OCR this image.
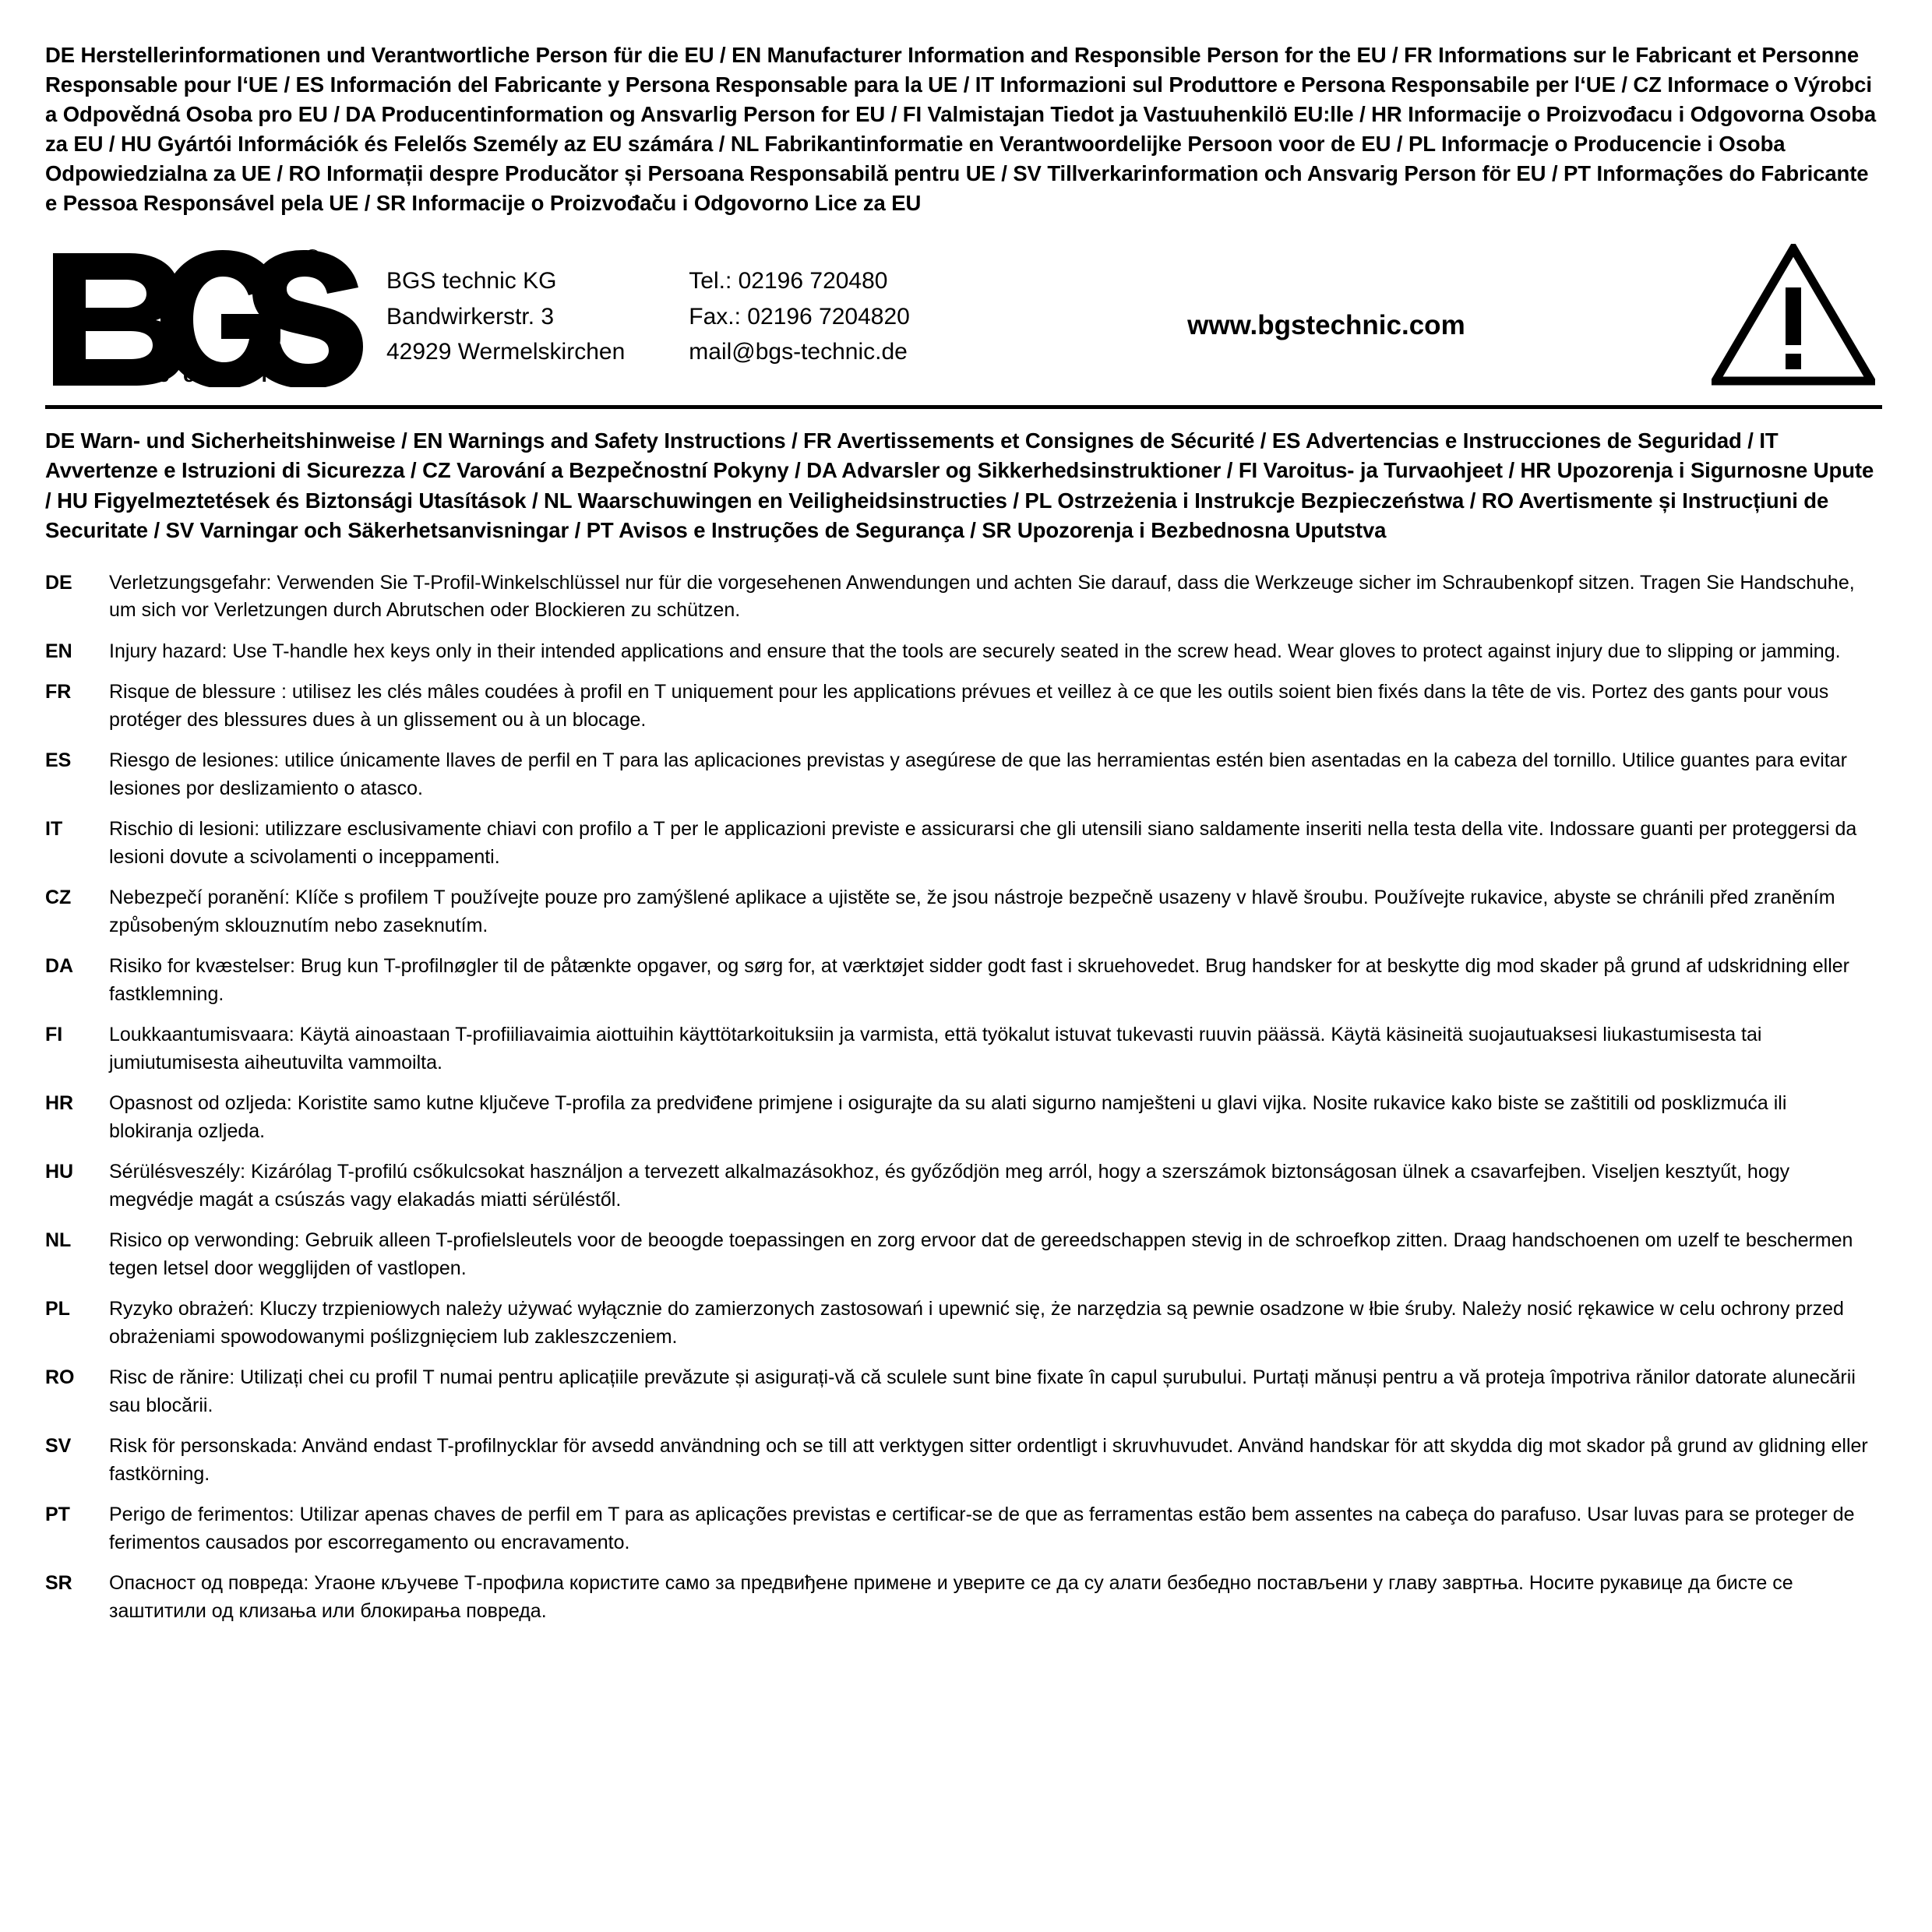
DE Herstellerinformationen und Verantwortliche Person für die EU / EN Manufacturer Information and Responsible Person for the EU / FR Informations sur le Fabricant et Personne Responsable pour l‘UE / ES Información del Fabricante y Persona Responsable para la UE / IT Informazioni sul Produttore e Persona Responsabile per l‘UE / CZ Informace o Výrobci a Odpovědná Osoba pro EU / DA Producentinformation og Ansvarlig Person for EU / FI Valmistajan Tiedot ja Vastuuhenkilö EU:lle / HR Informacije o Proizvođacu i Odgovorna Osoba za EU / HU Gyártói Információk és Felelős Személy az EU számára / NL Fabrikantinformatie en Verantwoordelijke Persoon voor de EU / PL Informacje o Producencie i Osoba Odpowiedzialna za UE / RO Informații despre Producător și Persoana Responsabilă pentru UE / SV Tillverkarinformation och Ansvarig Person för EU / PT Informações do Fabricante e Pessoa Responsável pela UE / SR Informacije o Proizvođaču i Odgovorno Lice za EU
®
t e c h n i c
BGS technic KG
Bandwirkerstr. 3
42929 Wermelskirchen
Tel.: 02196 720480
Fax.: 02196 7204820
mail@bgs-technic.de
www.bgstechnic.com
DE Warn- und Sicherheitshinweise / EN Warnings and Safety Instructions / FR Avertissements et Consignes de Sécurité / ES Advertencias e Instrucciones de Seguridad / IT Avvertenze e Istruzioni di Sicurezza / CZ Varování a Bezpečnostní Pokyny / DA Advarsler og Sikkerhedsinstruktioner / FI Varoitus- ja Turvaohjeet / HR Upozorenja i Sigurnosne Upute / HU Figyelmeztetések és Biztonsági Utasítások / NL Waarschuwingen en Veiligheidsinstructies / PL Ostrzeżenia i Instrukcje Bezpieczeństwa / RO Avertismente și Instrucțiuni de Securitate / SV Varningar och Säkerhetsanvisningar / PT Avisos e Instruções de Segurança / SR Upozorenja i Bezbednosna Uputstva
DE	Verletzungsgefahr: Verwenden Sie T-Profil-Winkelschlüssel nur für die vorgesehenen Anwendungen und achten Sie darauf, dass die Werkzeuge sicher im Schraubenkopf sitzen. Tragen Sie Handschuhe, um sich vor Verletzungen durch Abrutschen oder Blockieren zu schützen.
EN	Injury hazard: Use T-handle hex keys only in their intended applications and ensure that the tools are securely seated in the screw head. Wear gloves to protect against injury due to slipping or jamming.
FR	Risque de blessure : utilisez les clés mâles coudées à profil en T uniquement pour les applications prévues et veillez à ce que les outils soient bien fixés dans la tête de vis. Portez des gants pour vous protéger des blessures dues à un glissement ou à un blocage.
ES	Riesgo de lesiones: utilice únicamente llaves de perfil en T para las aplicaciones previstas y asegúrese de que las herramientas estén bien asentadas en la cabeza del tornillo. Utilice guantes para evitar lesiones por deslizamiento o atasco.
IT	Rischio di lesioni: utilizzare esclusivamente chiavi con profilo a T per le applicazioni previste e assicurarsi che gli utensili siano saldamente inseriti nella testa della vite. Indossare guanti per proteggersi da lesioni dovute a scivolamenti o inceppamenti.
CZ	Nebezpečí poranění: Klíče s profilem T používejte pouze pro zamýšlené aplikace a ujistěte se, že jsou nástroje bezpečně usazeny v hlavě šroubu. Používejte rukavice, abyste se chránili před zraněním způsobeným sklouznutím nebo zaseknutím.
DA	Risiko for kvæstelser: Brug kun T-profilnøgler til de påtænkte opgaver, og sørg for, at værktøjet sidder godt fast i skruehovedet. Brug handsker for at beskytte dig mod skader på grund af udskridning eller fastklemning.
FI	Loukkaantumisvaara: Käytä ainoastaan T-profiiliavaimia aiottuihin käyttötarkoituksiin ja varmista, että työkalut istuvat tukevasti ruuvin päässä. Käytä käsineitä suojautuaksesi liukastumisesta tai jumiutumisesta aiheutuvilta vammoilta.
HR	Opasnost od ozljeda: Koristite samo kutne ključeve T-profila za predviđene primjene i osigurajte da su alati sigurno namješteni u glavi vijka. Nosite rukavice kako biste se zaštitili od posklizmuća ili blokiranja ozljeda.
HU	Sérülésveszély: Kizárólag T-profilú csőkulcsokat használjon a tervezett alkalmazásokhoz, és győződjön meg arról, hogy a szerszámok biztonságosan ülnek a csavarfejben. Viseljen kesztyűt, hogy megvédje magát a csúszás vagy elakadás miatti sérüléstől.
NL	Risico op verwonding: Gebruik alleen T-profielsleutels voor de beoogde toepassingen en zorg ervoor dat de gereedschappen stevig in de schroefkop zitten. Draag handschoenen om uzelf te beschermen tegen letsel door wegglijden of vastlopen.
PL	Ryzyko obrażeń: Kluczy trzpieniowych należy używać wyłącznie do zamierzonych zastosowań i upewnić się, że narzędzia są pewnie osadzone w łbie śruby. Należy nosić rękawice w celu ochrony przed obrażeniami spowodowanymi poślizgnięciem lub zakleszczeniem.
RO	Risc de rănire: Utilizați chei cu profil T numai pentru aplicațiile prevăzute și asigurați-vă că sculele sunt bine fixate în capul șurubului. Purtați mănuși pentru a vă proteja împotriva rănilor datorate alunecării sau blocării.
SV	Risk för personskada: Använd endast T-profilnycklar för avsedd användning och se till att verktygen sitter ordentligt i skruvhuvudet. Använd handskar för att skydda dig mot skador på grund av glidning eller fastkörning.
PT	Perigo de ferimentos: Utilizar apenas chaves de perfil em T para as aplicações previstas e certificar-se de que as ferramentas estão bem assentes na cabeça do parafuso. Usar luvas para se proteger de ferimentos causados por escorregamento ou encravamento.
SR	Опасност од повреда: Угаоне кључеве Т-профила користите само за предвиђене примене и уверите се да су алати безбедно постављени у главу завртња. Носите рукавице да бисте се заштитили од клизања или блокирања повреда.
